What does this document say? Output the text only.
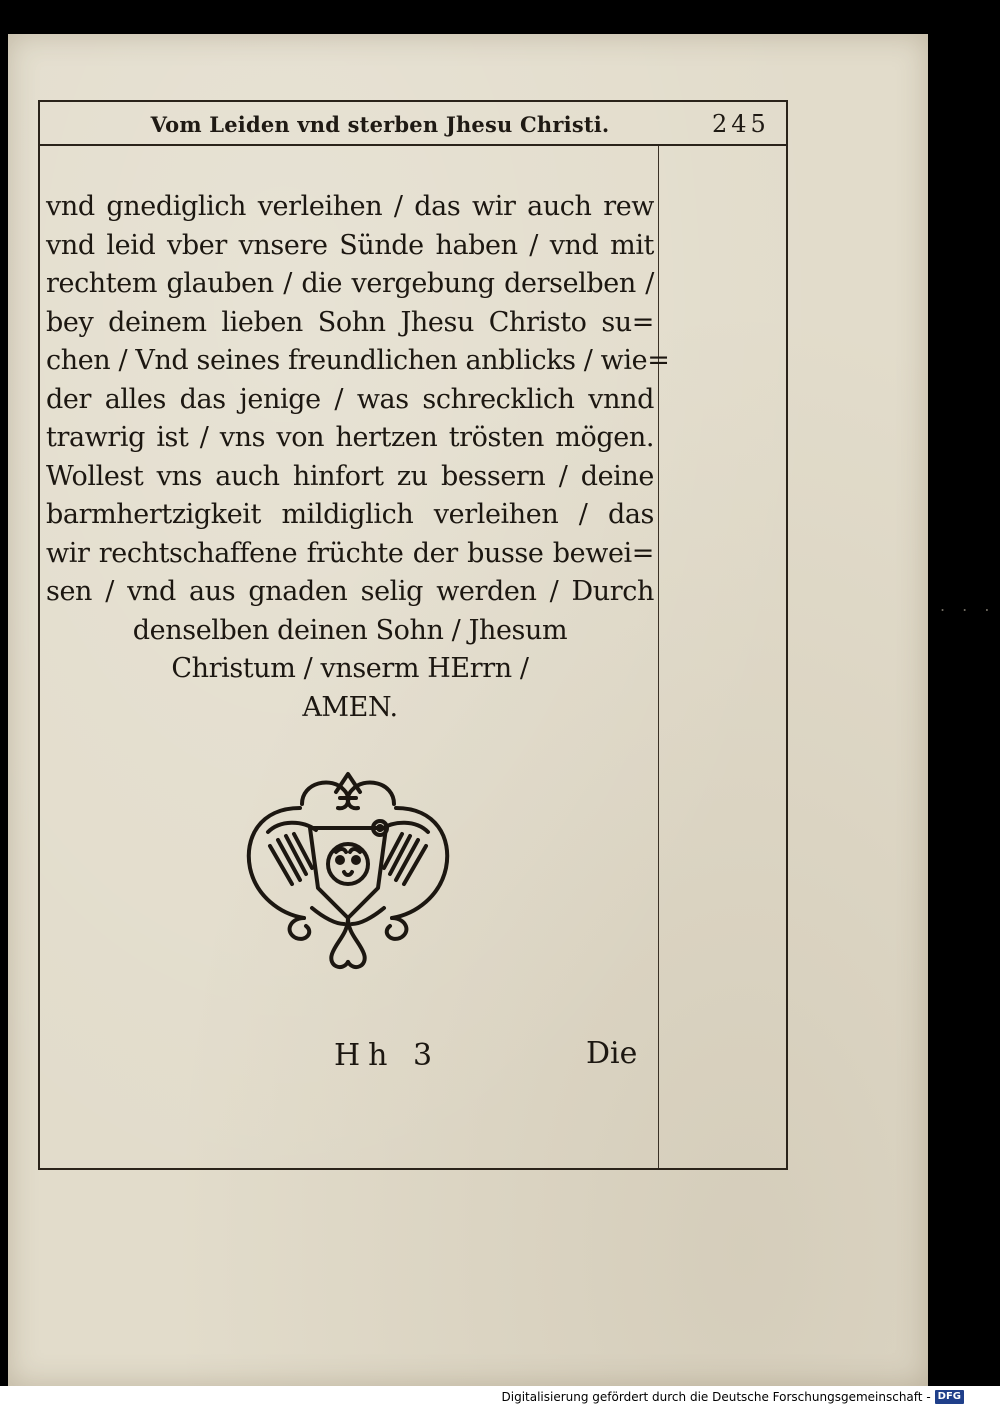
Vom Leiden vnd sterben Jhesu Christi.	245
vnd gnediglich verleihen / das wir auch rew
vnd leid vber vnsere Sünde haben / vnd mit
rechtem glauben / die vergebung derselben /
bey deinem lieben Sohn Jhesu Christo su=
chen / Vnd seines freundlichen anblicks / wie=
der alles das jenige / was schrecklich vnnd
trawrig ist / vns von hertzen trösten mögen.
Wollest vns auch hinfort zu bessern / deine
barmhertzigkeit mildiglich verleihen / das
wir rechtschaffene früchte der busse bewei=
sen / vnd aus gnaden selig werden / Durch
denselben deinen Sohn / Jhesum
Christum / vnserm HErrn /
AMEN.
Hh 3	Die
. . .
Digitalisierung gefördert durch die Deutsche Forschungsgemeinschaft - DFG
